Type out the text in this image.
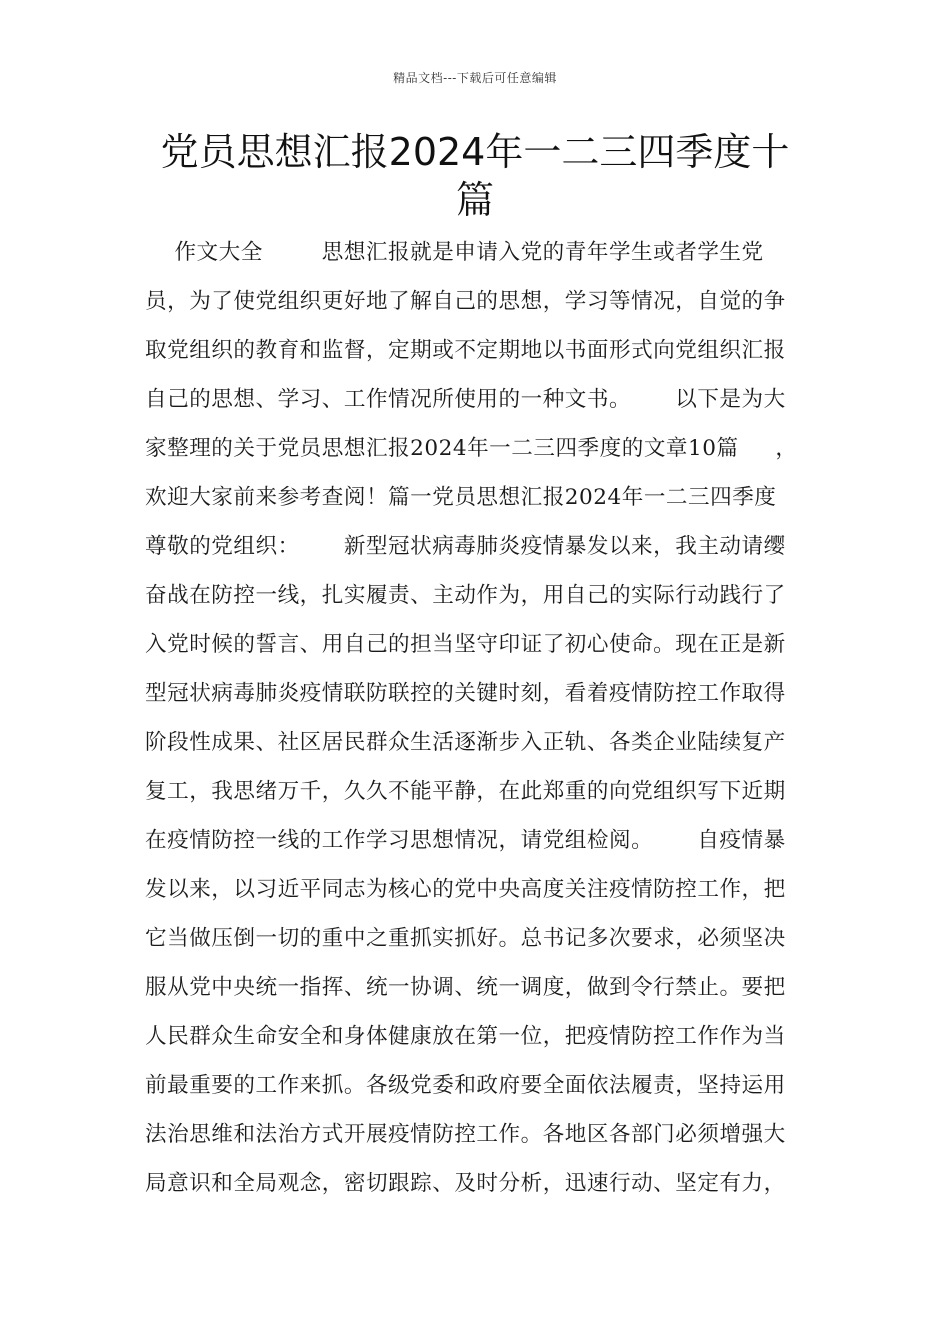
精品文档---下载后可任意编辑
党员思想汇报2024年一二三四季度十
篇
作文大全        思想汇报就是申请入党的青年学生或者学生党
员，为了使党组织更好地了解自己的思想，学习等情况，自觉的争
取党组织的教育和监督，定期或不定期地以书面形式向党组织汇报
自己的思想、学习、工作情况所使用的一种文书。      以下是为大
家整理的关于党员思想汇报2024年一二三四季度的文章10篇     ，
欢迎大家前来参考查阅！篇一党员思想汇报2024年一二三四季度
尊敬的党组织：      新型冠状病毒肺炎疫情暴发以来，我主动请缨
奋战在防控一线，扎实履责、主动作为，用自己的实际行动践行了
入党时候的誓言、用自己的担当坚守印证了初心使命。现在正是新
型冠状病毒肺炎疫情联防联控的关键时刻，看着疫情防控工作取得
阶段性成果、社区居民群众生活逐渐步入正轨、各类企业陆续复产
复工，我思绪万千，久久不能平静，在此郑重的向党组织写下近期
在疫情防控一线的工作学习思想情况，请党组检阅。      自疫情暴
发以来，以习近平同志为核心的党中央高度关注疫情防控工作，把
它当做压倒一切的重中之重抓实抓好。总书记多次要求，必须坚决
服从党中央统一指挥、统一协调、统一调度，做到令行禁止。要把
人民群众生命安全和身体健康放在第一位，把疫情防控工作作为当
前最重要的工作来抓。各级党委和政府要全面依法履责，坚持运用
法治思维和法治方式开展疫情防控工作。各地区各部门必须增强大
局意识和全局观念，密切跟踪、及时分析，迅速行动、坚定有力，
